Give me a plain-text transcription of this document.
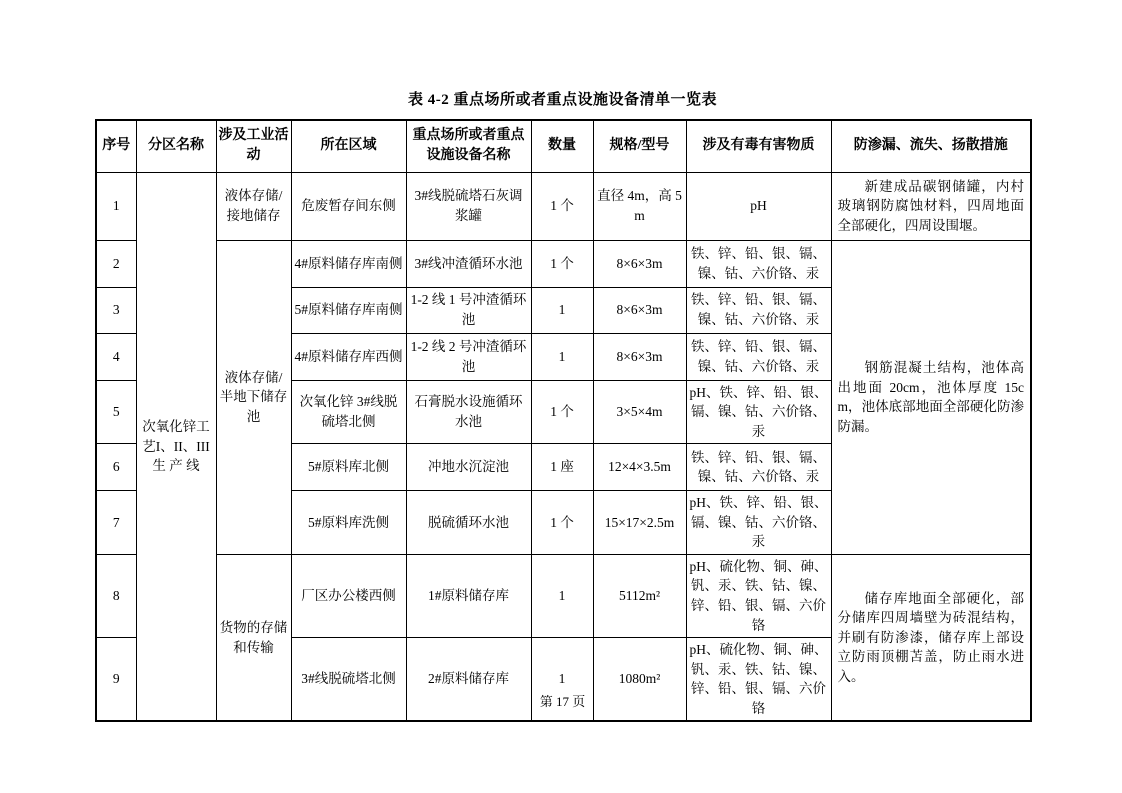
表 4-2 重点场所或者重点设施设备清单一览表
序号	分区名称	涉及工业活动	所在区域	重点场所或者重点设施设备名称	数量	规格/型号	涉及有毒有害物质	防渗漏、流失、扬散措施
1	次氧化锌工艺I、II、III生 产 线	液体存储/接地储存	危废暂存间东侧	3#线脱硫塔石灰调浆罐	1 个	直径 4m，高 5m	pH	新建成品碳钢储罐，内村玻璃钢防腐蚀材料，四周地面全部硬化，四周设围堰。
2		液体存储/半地下储存池	4#原料储存库南侧	3#线冲渣循环水池	1 个	8×6×3m	铁、锌、铅、银、镉、镍、钴、六价铬、汞	钢筋混凝土结构，池体高出地面 20cm，池体厚度 15cm，池体底部地面全部硬化防渗防漏。
3			5#原料储存库南侧	1-2 线 1 号冲渣循环池	1	8×6×3m	铁、锌、铅、银、镉、镍、钴、六价铬、汞	
4			4#原料储存库西侧	1-2 线 2 号冲渣循环池	1	8×6×3m	铁、锌、铅、银、镉、镍、钴、六价铬、汞	
5			次氧化锌 3#线脱硫塔北侧	石膏脱水设施循环水池	1 个	3×5×4m	pH、铁、锌、铅、银、镉、镍、钴、六价铬、汞	
6			5#原料库北侧	冲地水沉淀池	1 座	12×4×3.5m	铁、锌、铅、银、镉、镍、钴、六价铬、汞	
7			5#原料库洗侧	脱硫循环水池	1 个	15×17×2.5m	pH、铁、锌、铅、银、镉、镍、钴、六价铬、汞	
8		货物的存储和传输	厂区办公楼西侧	1#原料储存库	1	5112m²	pH、硫化物、铜、砷、钒、汞、铁、钴、镍、锌、铅、银、镉、六价铬	储存库地面全部硬化，部分储库四周墙壁为砖混结构，并刷有防渗漆，储存库上部设立防雨顶棚苫盖，防止雨水进入。
9			3#线脱硫塔北侧	2#原料储存库	1	1080m²	pH、硫化物、铜、砷、钒、汞、铁、钴、镍、锌、铅、银、镉、六价铬	
第 17 页
